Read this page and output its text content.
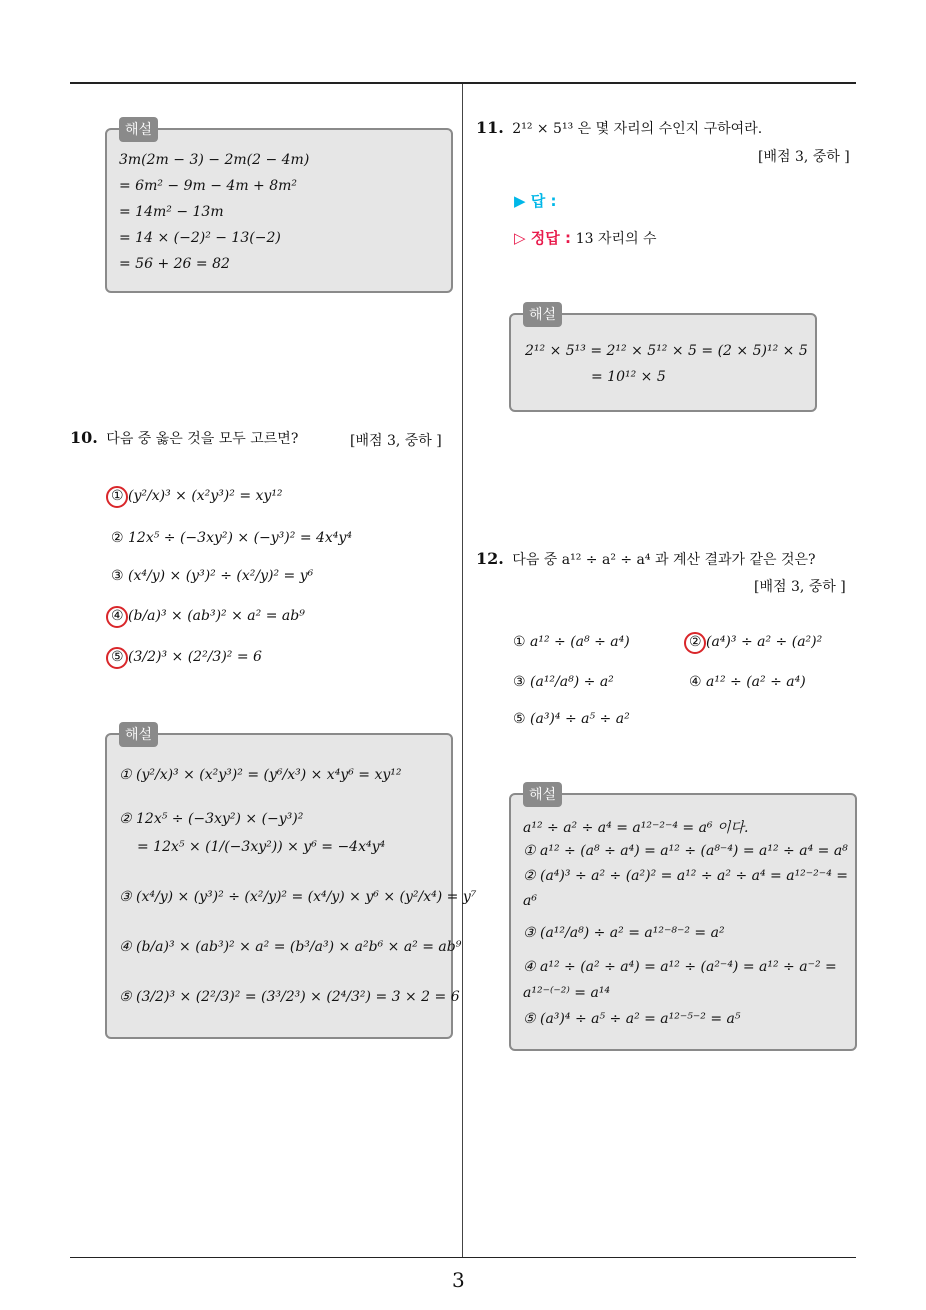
3
해설
3m(2m − 3) − 2m(2 − 4m)
= 6m² − 9m − 4m + 8m²
= 14m² − 13m
= 14 × (−2)² − 13(−2)
= 56 + 26 = 82
10. 다음 중 옳은 것을 모두 고르면?	[배점 3, 중하 ]
① (y²/x)³ × (x²y³)² = xy¹²
② 12x⁵ ÷ (−3xy²) × (−y³)² = 4x⁴y⁴
③ (x⁴/y) × (y³)² ÷ (x²/y)² = y⁶
④ (b/a)³ × (ab³)² × a² = ab⁹
⑤ (3/2)³ × (2²/3)² = 6
해설
① (y²/x)³ × (x²y³)² = (y⁶/x³) × x⁴y⁶ = xy¹²
② 12x⁵ ÷ (−3xy²) × (−y³)²
= 12x⁵ × (1/(−3xy²)) × y⁶ = −4x⁴y⁴
③ (x⁴/y) × (y³)² ÷ (x²/y)² = (x⁴/y) × y⁶ × (y²/x⁴) = y⁷
④ (b/a)³ × (ab³)² × a² = (b³/a³) × a²b⁶ × a² = ab⁹
⑤ (3/2)³ × (2²/3)² = (3³/2³) × (2⁴/3²) = 3 × 2 = 6
11. 2¹² × 5¹³ 은 몇 자리의 수인지 구하여라.
[배점 3, 중하 ]
▶ 답 :
▷ 정답 : 13 자리의 수
해설
2¹² × 5¹³ = 2¹² × 5¹² × 5 = (2 × 5)¹² × 5
= 10¹² × 5
12. 다음 중 a¹² ÷ a² ÷ a⁴ 과 계산 결과가 같은 것은?
[배점 3, 중하 ]
① a¹² ÷ (a⁸ ÷ a⁴)	② (a⁴)³ ÷ a² ÷ (a²)²
③ (a¹²/a⁸) ÷ a²	④ a¹² ÷ (a² ÷ a⁴)
⑤ (a³)⁴ ÷ a⁵ ÷ a²
해설
a¹² ÷ a² ÷ a⁴ = a¹²⁻²⁻⁴ = a⁶ 이다.
① a¹² ÷ (a⁸ ÷ a⁴) = a¹² ÷ (a⁸⁻⁴) = a¹² ÷ a⁴ = a⁸
② (a⁴)³ ÷ a² ÷ (a²)² = a¹² ÷ a² ÷ a⁴ = a¹²⁻²⁻⁴ =
a⁶
③ (a¹²/a⁸) ÷ a² = a¹²⁻⁸⁻² = a²
④ a¹² ÷ (a² ÷ a⁴) = a¹² ÷ (a²⁻⁴) = a¹² ÷ a⁻² =
a¹²⁻⁽⁻²⁾ = a¹⁴
⑤ (a³)⁴ ÷ a⁵ ÷ a² = a¹²⁻⁵⁻² = a⁵
